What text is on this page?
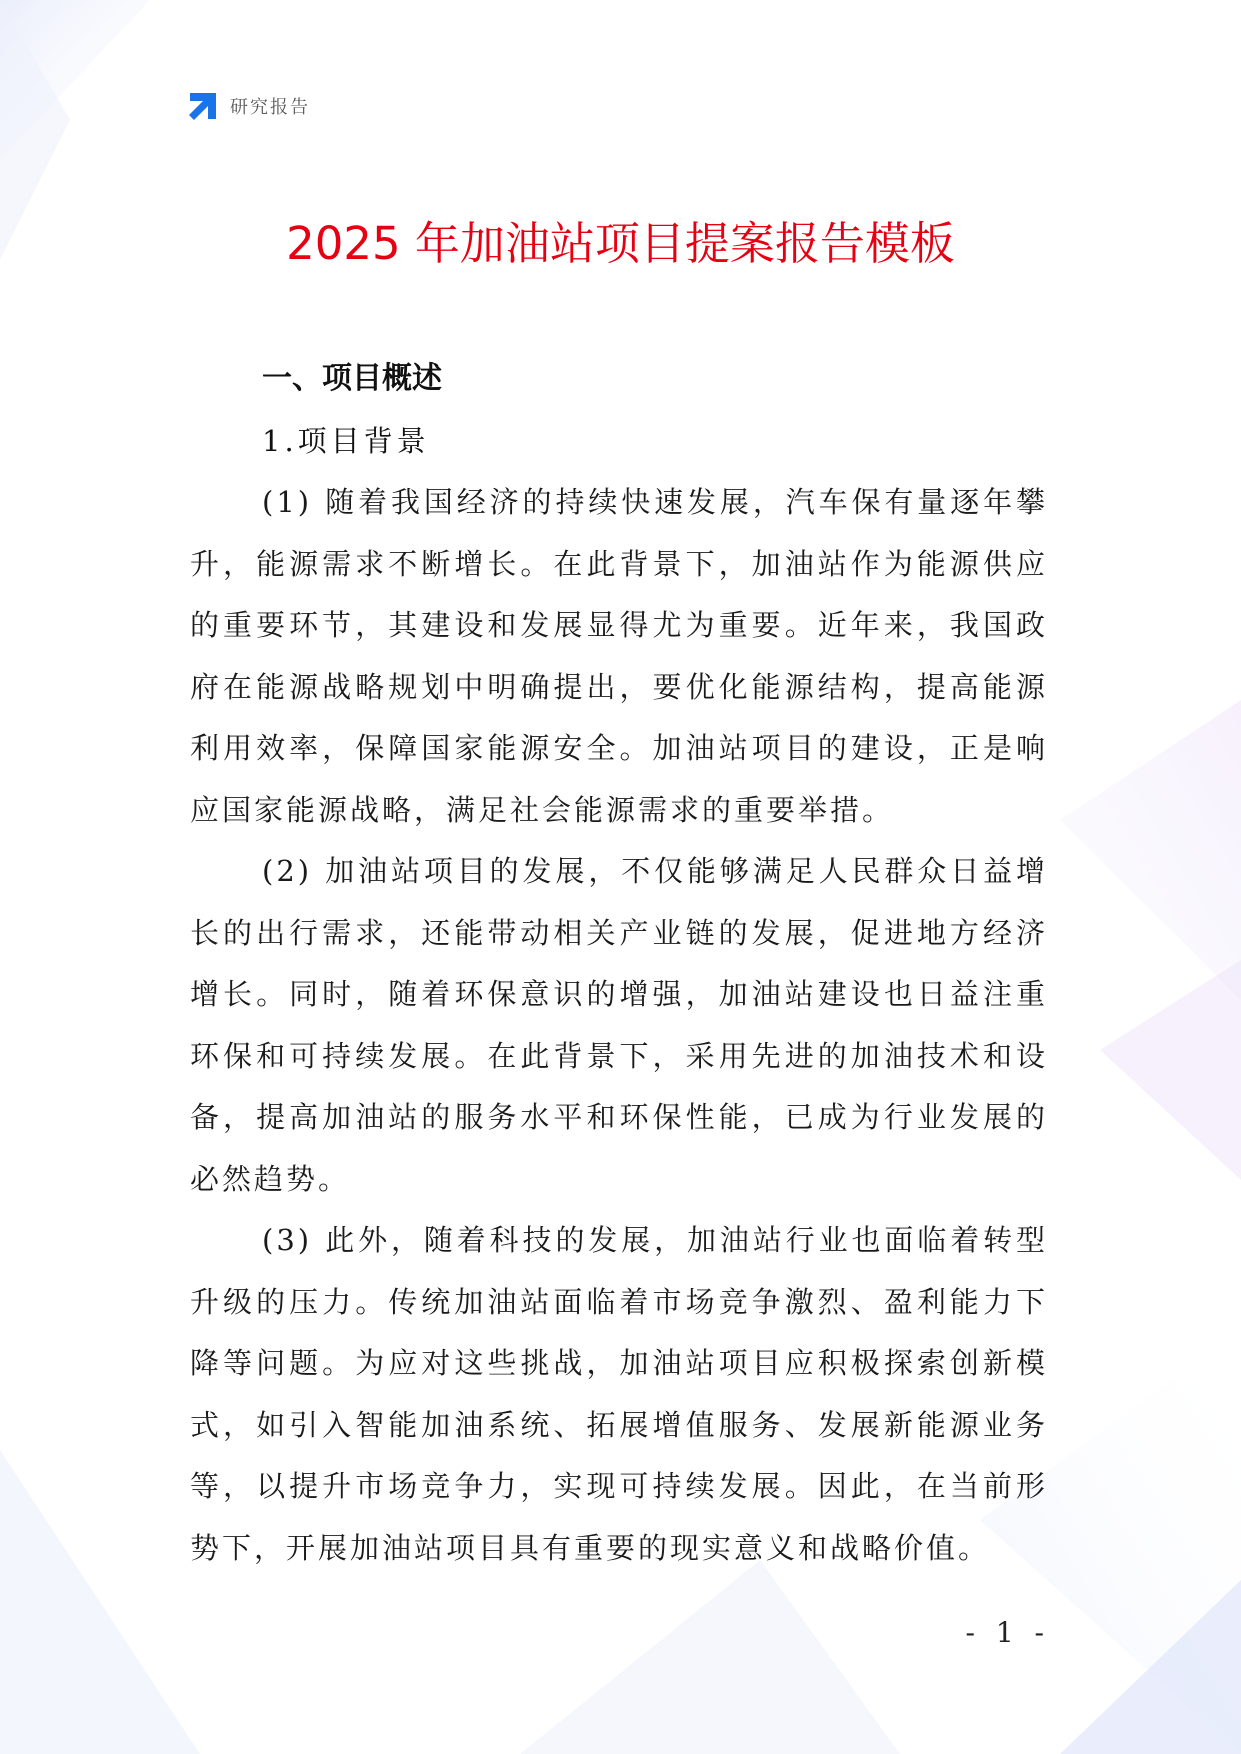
研究报告
2025 年加油站项目提案报告模板
一、项目概述
1.项目背景

(1) 随着我国经济的持续快速发展，汽车保有量逐年攀升，能源需求不断增长。在此背景下，加油站作为能源供应的重要环节，其建设和发展显得尤为重要。近年来，我国政府在能源战略规划中明确提出，要优化能源结构，提高能源利用效率，保障国家能源安全。加油站项目的建设，正是响应国家能源战略，满足社会能源需求的重要举措。

(2) 加油站项目的发展，不仅能够满足人民群众日益增长的出行需求，还能带动相关产业链的发展，促进地方经济增长。同时，随着环保意识的增强，加油站建设也日益注重环保和可持续发展。在此背景下，采用先进的加油技术和设备，提高加油站的服务水平和环保性能，已成为行业发展的必然趋势。

(3) 此外，随着科技的发展，加油站行业也面临着转型升级的压力。传统加油站面临着市场竞争激烈、盈利能力下降等问题。为应对这些挑战，加油站项目应积极探索创新模式，如引入智能加油系统、拓展增值服务、发展新能源业务等，以提升市场竞争力，实现可持续发展。因此，在当前形势下，开展加油站项目具有重要的现实意义和战略价值。

- 1 -
